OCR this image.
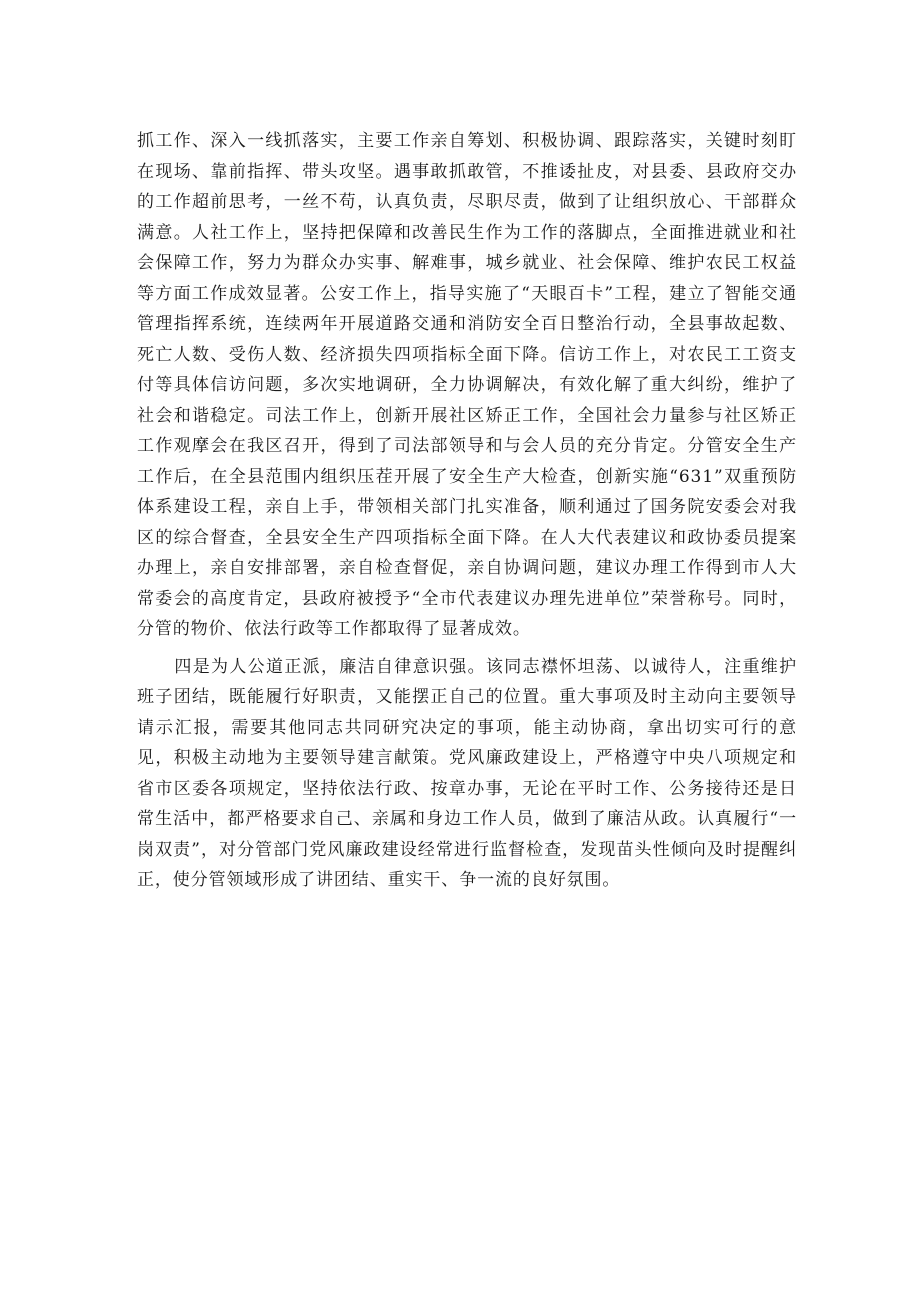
抓工作、深入一线抓落实，主要工作亲自筹划、积极协调、跟踪落实，关键时刻盯在现场、靠前指挥、带头攻坚。遇事敢抓敢管，不推诿扯皮，对县委、县政府交办的工作超前思考，一丝不苟，认真负责，尽职尽责，做到了让组织放心、干部群众满意。人社工作上，坚持把保障和改善民生作为工作的落脚点，全面推进就业和社会保障工作，努力为群众办实事、解难事，城乡就业、社会保障、维护农民工权益等方面工作成效显著。公安工作上，指导实施了“天眼百卡”工程，建立了智能交通管理指挥系统，连续两年开展道路交通和消防安全百日整治行动，全县事故起数、死亡人数、受伤人数、经济损失四项指标全面下降。信访工作上，对农民工工资支付等具体信访问题，多次实地调研，全力协调解决，有效化解了重大纠纷，维护了社会和谐稳定。司法工作上，创新开展社区矫正工作，全国社会力量参与社区矫正工作观摩会在我区召开，得到了司法部领导和与会人员的充分肯定。分管安全生产工作后，在全县范围内组织压茬开展了安全生产大检查，创新实施“631”双重预防体系建设工程，亲自上手，带领相关部门扎实准备，顺利通过了国务院安委会对我区的综合督查，全县安全生产四项指标全面下降。在人大代表建议和政协委员提案办理上，亲自安排部署，亲自检查督促，亲自协调问题，建议办理工作得到市人大常委会的高度肯定，县政府被授予“全市代表建议办理先进单位”荣誉称号。同时，分管的物价、依法行政等工作都取得了显著成效。

四是为人公道正派，廉洁自律意识强。该同志襟怀坦荡、以诚待人，注重维护班子团结，既能履行好职责，又能摆正自己的位置。重大事项及时主动向主要领导请示汇报，需要其他同志共同研究决定的事项，能主动协商，拿出切实可行的意见，积极主动地为主要领导建言献策。党风廉政建设上，严格遵守中央八项规定和省市区委各项规定，坚持依法行政、按章办事，无论在平时工作、公务接待还是日常生活中，都严格要求自己、亲属和身边工作人员，做到了廉洁从政。认真履行“一岗双责”，对分管部门党风廉政建设经常进行监督检查，发现苗头性倾向及时提醒纠正，使分管领域形成了讲团结、重实干、争一流的良好氛围。
